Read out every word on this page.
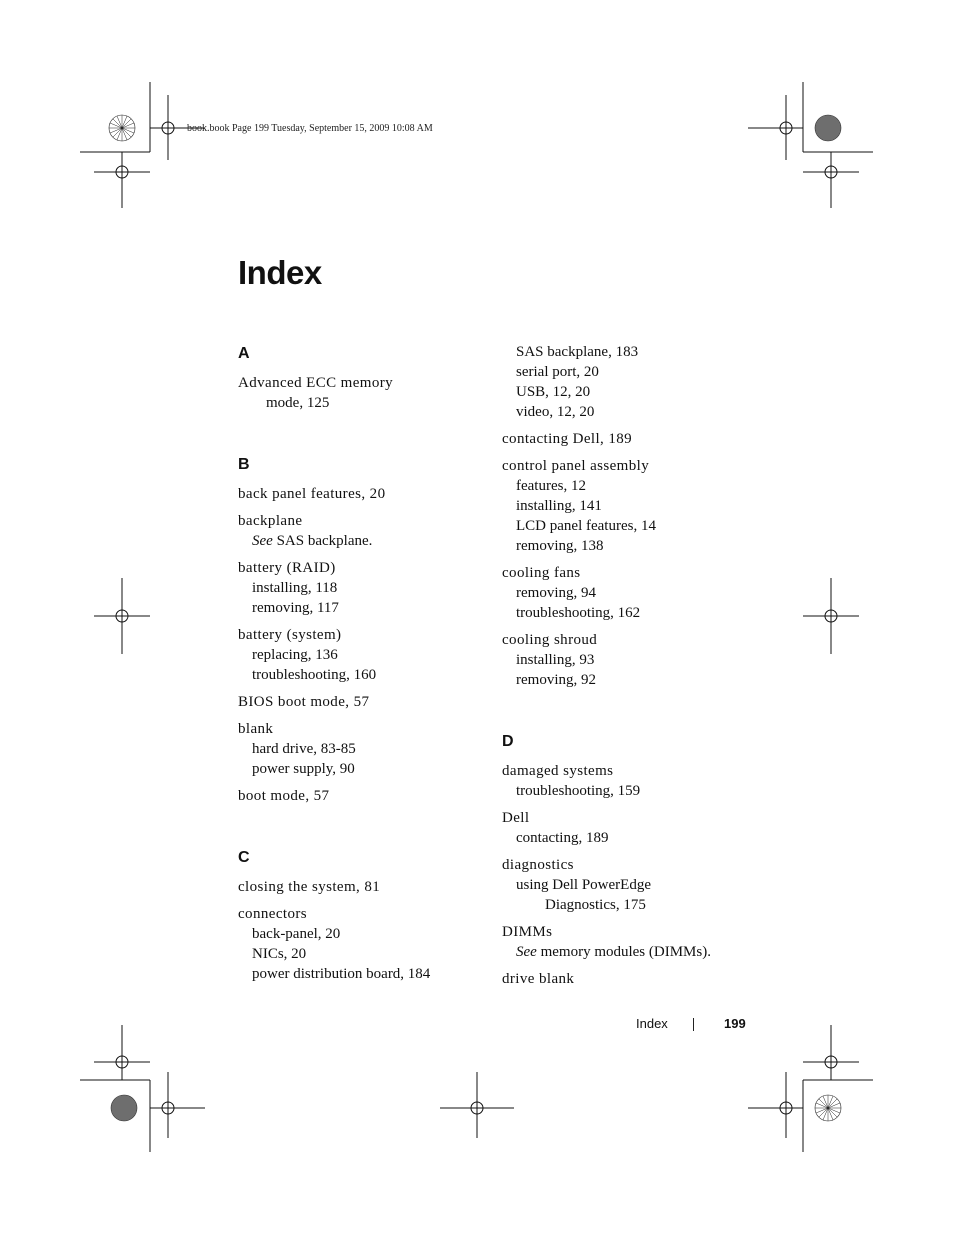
book.book Page 199 Tuesday, September 15, 2009 10:08 AM
Index
A
Advanced ECC memory
mode, 125
B
back panel features, 20
backplane
See SAS backplane.
battery (RAID)
installing, 118
removing, 117
battery (system)
replacing, 136
troubleshooting, 160
BIOS boot mode, 57
blank
hard drive, 83-85
power supply, 90
boot mode, 57
C
closing the system, 81
connectors
back-panel, 20
NICs, 20
power distribution board, 184
SAS backplane, 183
serial port, 20
USB, 12, 20
video, 12, 20
contacting Dell, 189
control panel assembly
features, 12
installing, 141
LCD panel features, 14
removing, 138
cooling fans
removing, 94
troubleshooting, 162
cooling shroud
installing, 93
removing, 92
D
damaged systems
troubleshooting, 159
Dell
contacting, 189
diagnostics
using Dell PowerEdge
Diagnostics, 175
DIMMs
See memory modules (DIMMs).
drive blank
Index	199
